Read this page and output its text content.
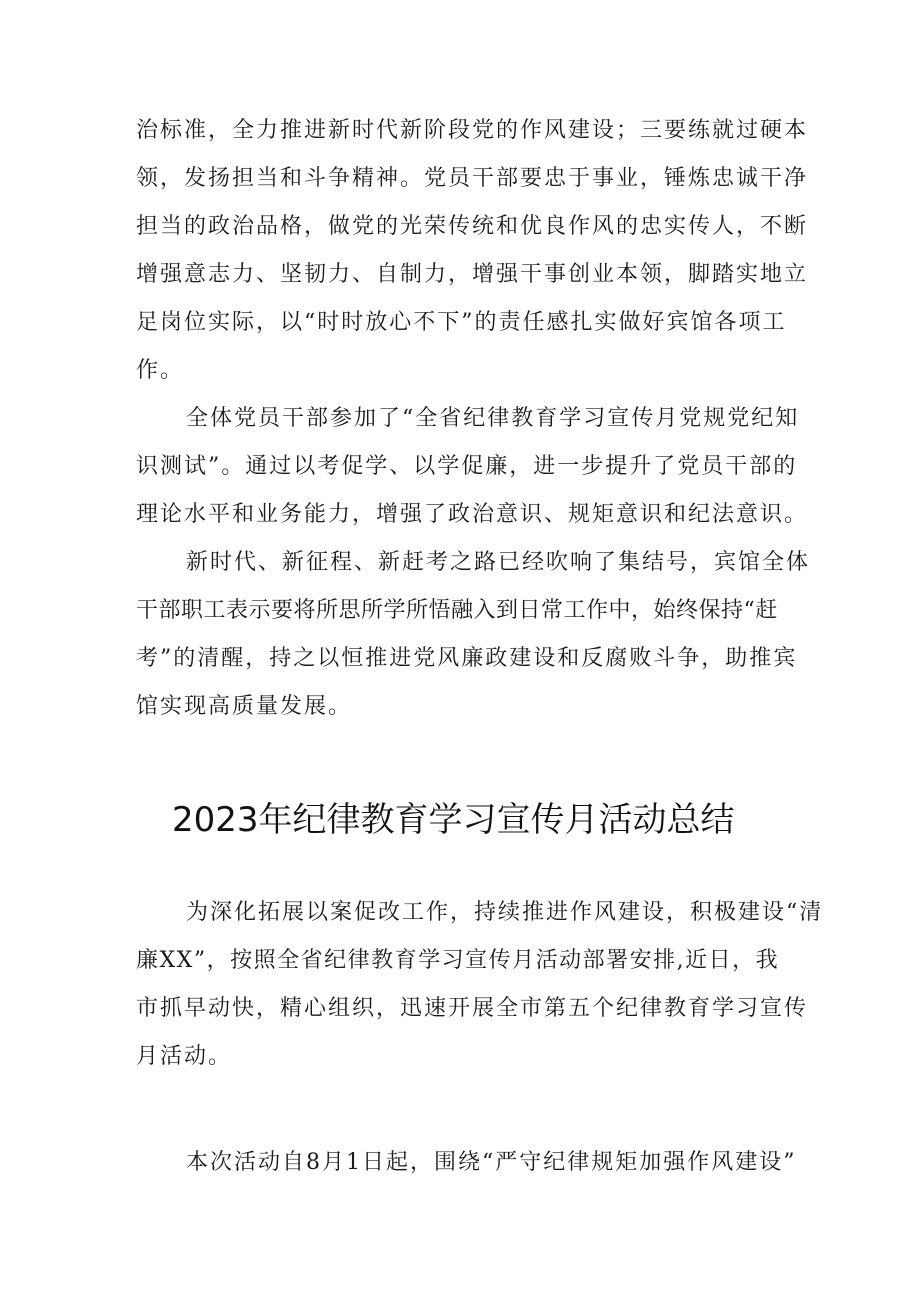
治标准，全力推进新时代新阶段党的作风建设；三要练就过硬本
领，发扬担当和斗争精神。党员干部要忠于事业，锤炼忠诚干净
担当的政治品格，做党的光荣传统和优良作风的忠实传人，不断
增强意志力、坚韧力、自制力，增强干事创业本领，脚踏实地立
足岗位实际，以“时时放心不下”的责任感扎实做好宾馆各项工
作。
全体党员干部参加了“全省纪律教育学习宣传月党规党纪知
识测试”。通过以考促学、以学促廉，进一步提升了党员干部的
理论水平和业务能力，增强了政治意识、规矩意识和纪法意识。
新时代、新征程、新赶考之路已经吹响了集结号，宾馆全体
干部职工表示要将所思所学所悟融入到日常工作中，始终保持“赶
考”的清醒，持之以恒推进党风廉政建设和反腐败斗争，助推宾
馆实现高质量发展。
2023年纪律教育学习宣传月活动总结
为深化拓展以案促改工作，持续推进作风建设，积极建设“清
廉XX”，按照全省纪律教育学习宣传月活动部署安排,近日，我
市抓早动快，精心组织，迅速开展全市第五个纪律教育学习宣传
月活动。
本次活动自8月1日起，围绕“严守纪律规矩加强作风建设”
